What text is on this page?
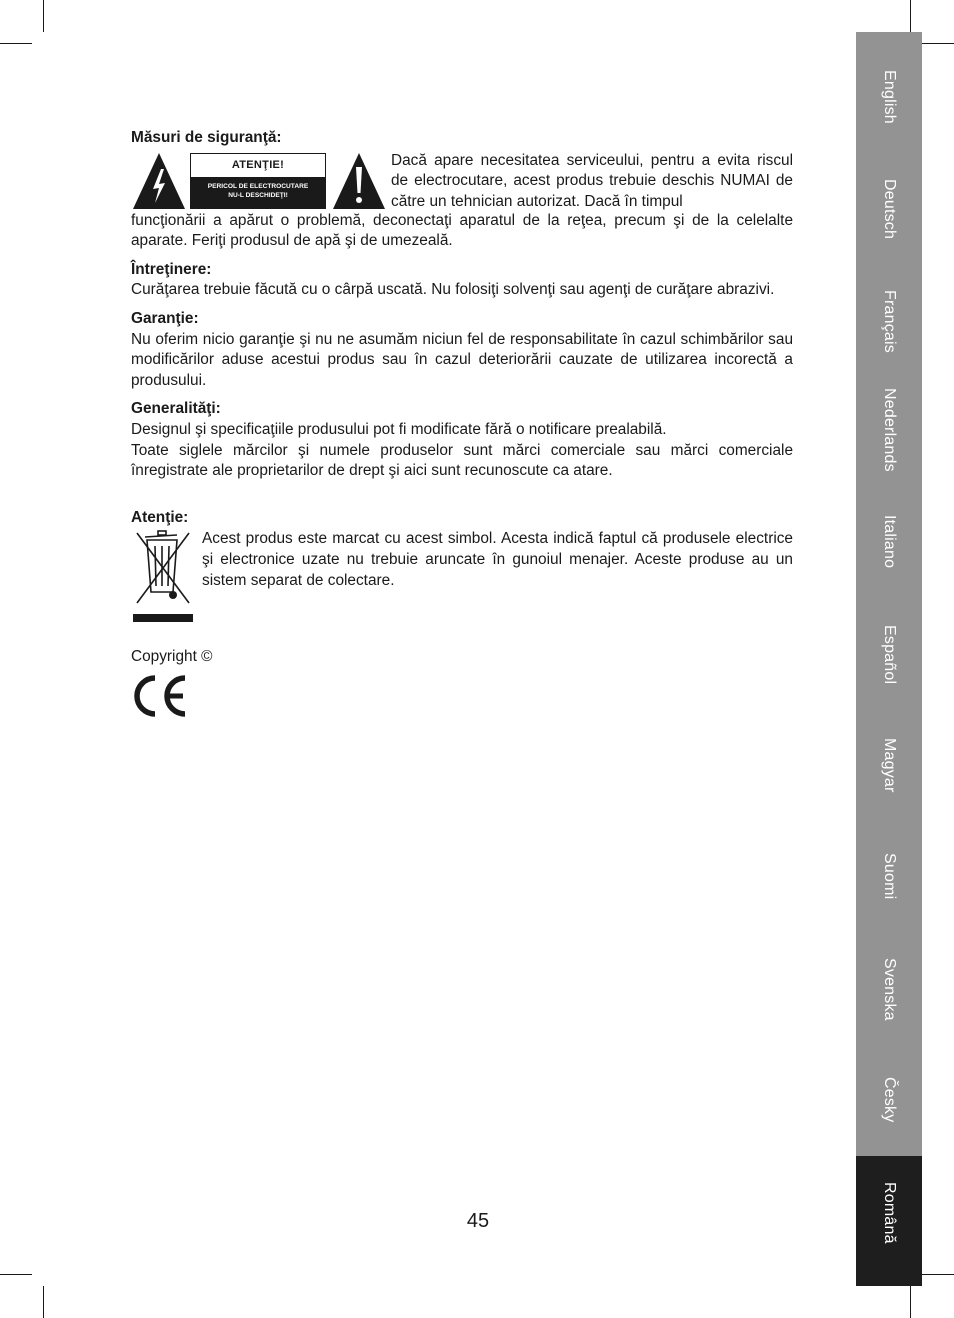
English
Deutsch
Français
Nederlands
Italiano
Español
Magyar
Suomi
Svenska
Česky
Română

Măsuri de siguranţă:

ATENŢIE!
PERICOL DE ELECTROCUTARE
NU-L DESCHIDEŢI!
Dacă apare necesitatea serviceului, pentru a evita riscul de electrocutare, acest produs trebuie deschis NUMAI de către un tehnician autorizat. Dacă în timpul

funcţionării a apărut o problemă, deconectaţi aparatul de la reţea, precum şi de la celelalte aparate. Feriţi produsul de apă şi de umezeală.

Întreţinere:

Curăţarea trebuie făcută cu o cârpă uscată. Nu folosiţi solvenţi sau agenţi de curăţare abrazivi.

Garanţie:

Nu oferim nicio garanţie şi nu ne asumăm niciun fel de responsabilitate în cazul schimbărilor sau modificărilor aduse acestui produs sau în cazul deteriorării cauzate de utilizarea incorectă a produsului.

Generalităţi:

Designul şi specificaţiile produsului pot fi modificate fără o notificare prealabilă.

Toate siglele mărcilor şi numele produselor sunt mărci comerciale sau mărci comerciale înregistrate ale proprietarilor de drept şi aici sunt recunoscute ca atare.

Atenţie:

Acest produs este marcat cu acest simbol. Acesta indică faptul că produsele electrice şi electronice uzate nu trebuie aruncate în gunoiul menajer. Aceste produse au un sistem separat de colectare.

Copyright ©

45
